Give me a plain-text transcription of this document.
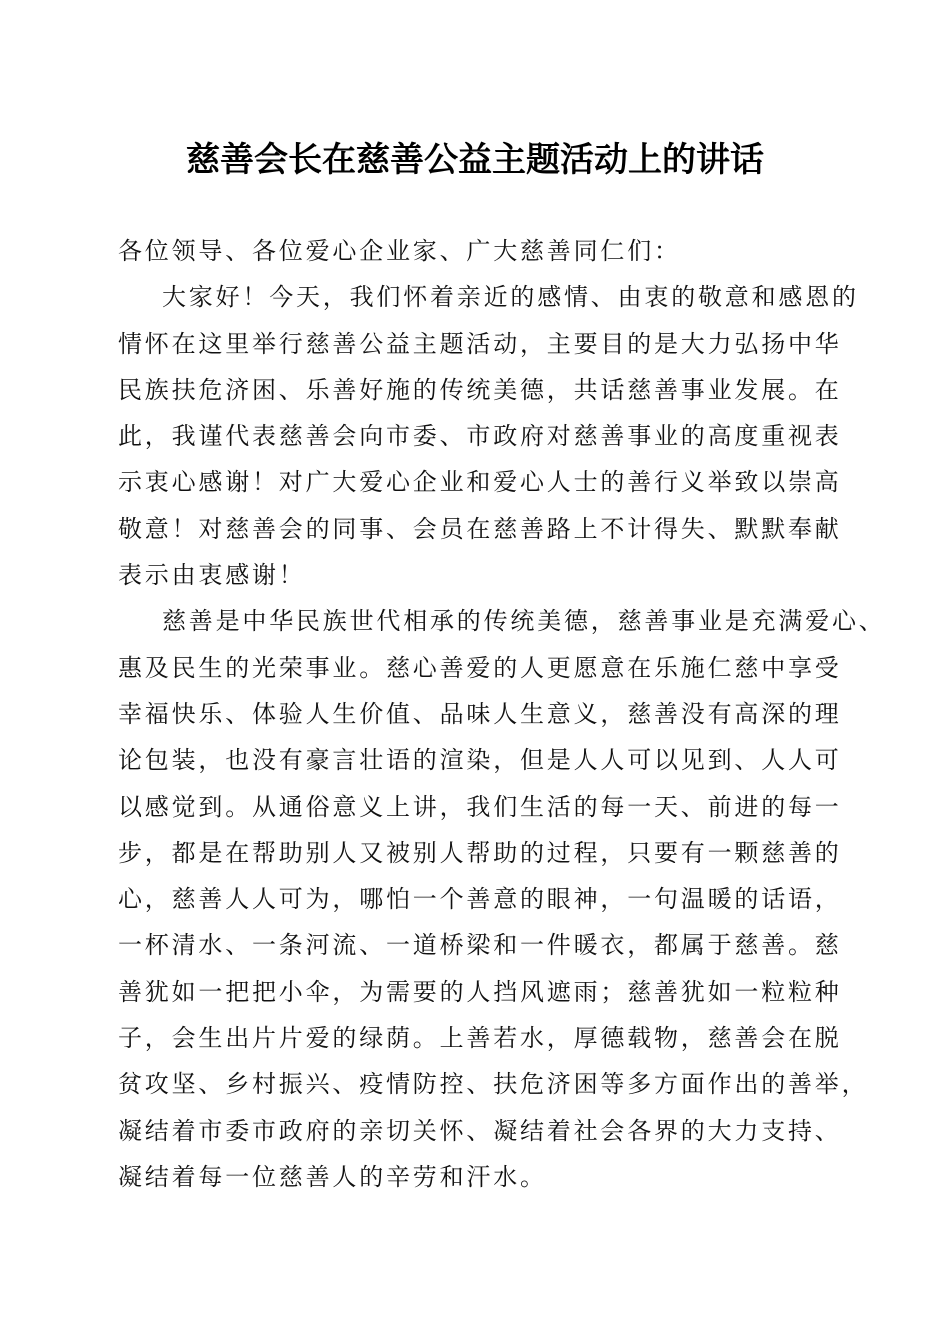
慈善会长在慈善公益主题活动上的讲话
各位领导、各位爱心企业家、广大慈善同仁们：
大家好！今天，我们怀着亲近的感情、由衷的敬意和感恩的
情怀在这里举行慈善公益主题活动，主要目的是大力弘扬中华
民族扶危济困、乐善好施的传统美德，共话慈善事业发展。在
此，我谨代表慈善会向市委、市政府对慈善事业的高度重视表
示衷心感谢！对广大爱心企业和爱心人士的善行义举致以崇高
敬意！对慈善会的同事、会员在慈善路上不计得失、默默奉献
表示由衷感谢！
慈善是中华民族世代相承的传统美德，慈善事业是充满爱心、
惠及民生的光荣事业。慈心善爱的人更愿意在乐施仁慈中享受
幸福快乐、体验人生价值、品味人生意义，慈善没有高深的理
论包装，也没有豪言壮语的渲染，但是人人可以见到、人人可
以感觉到。从通俗意义上讲，我们生活的每一天、前进的每一
步，都是在帮助别人又被别人帮助的过程，只要有一颗慈善的
心，慈善人人可为，哪怕一个善意的眼神，一句温暖的话语，
一杯清水、一条河流、一道桥梁和一件暖衣，都属于慈善。慈
善犹如一把把小伞，为需要的人挡风遮雨；慈善犹如一粒粒种
子，会生出片片爱的绿荫。上善若水，厚德载物，慈善会在脱
贫攻坚、乡村振兴、疫情防控、扶危济困等多方面作出的善举，
凝结着市委市政府的亲切关怀、凝结着社会各界的大力支持、
凝结着每一位慈善人的辛劳和汗水。
